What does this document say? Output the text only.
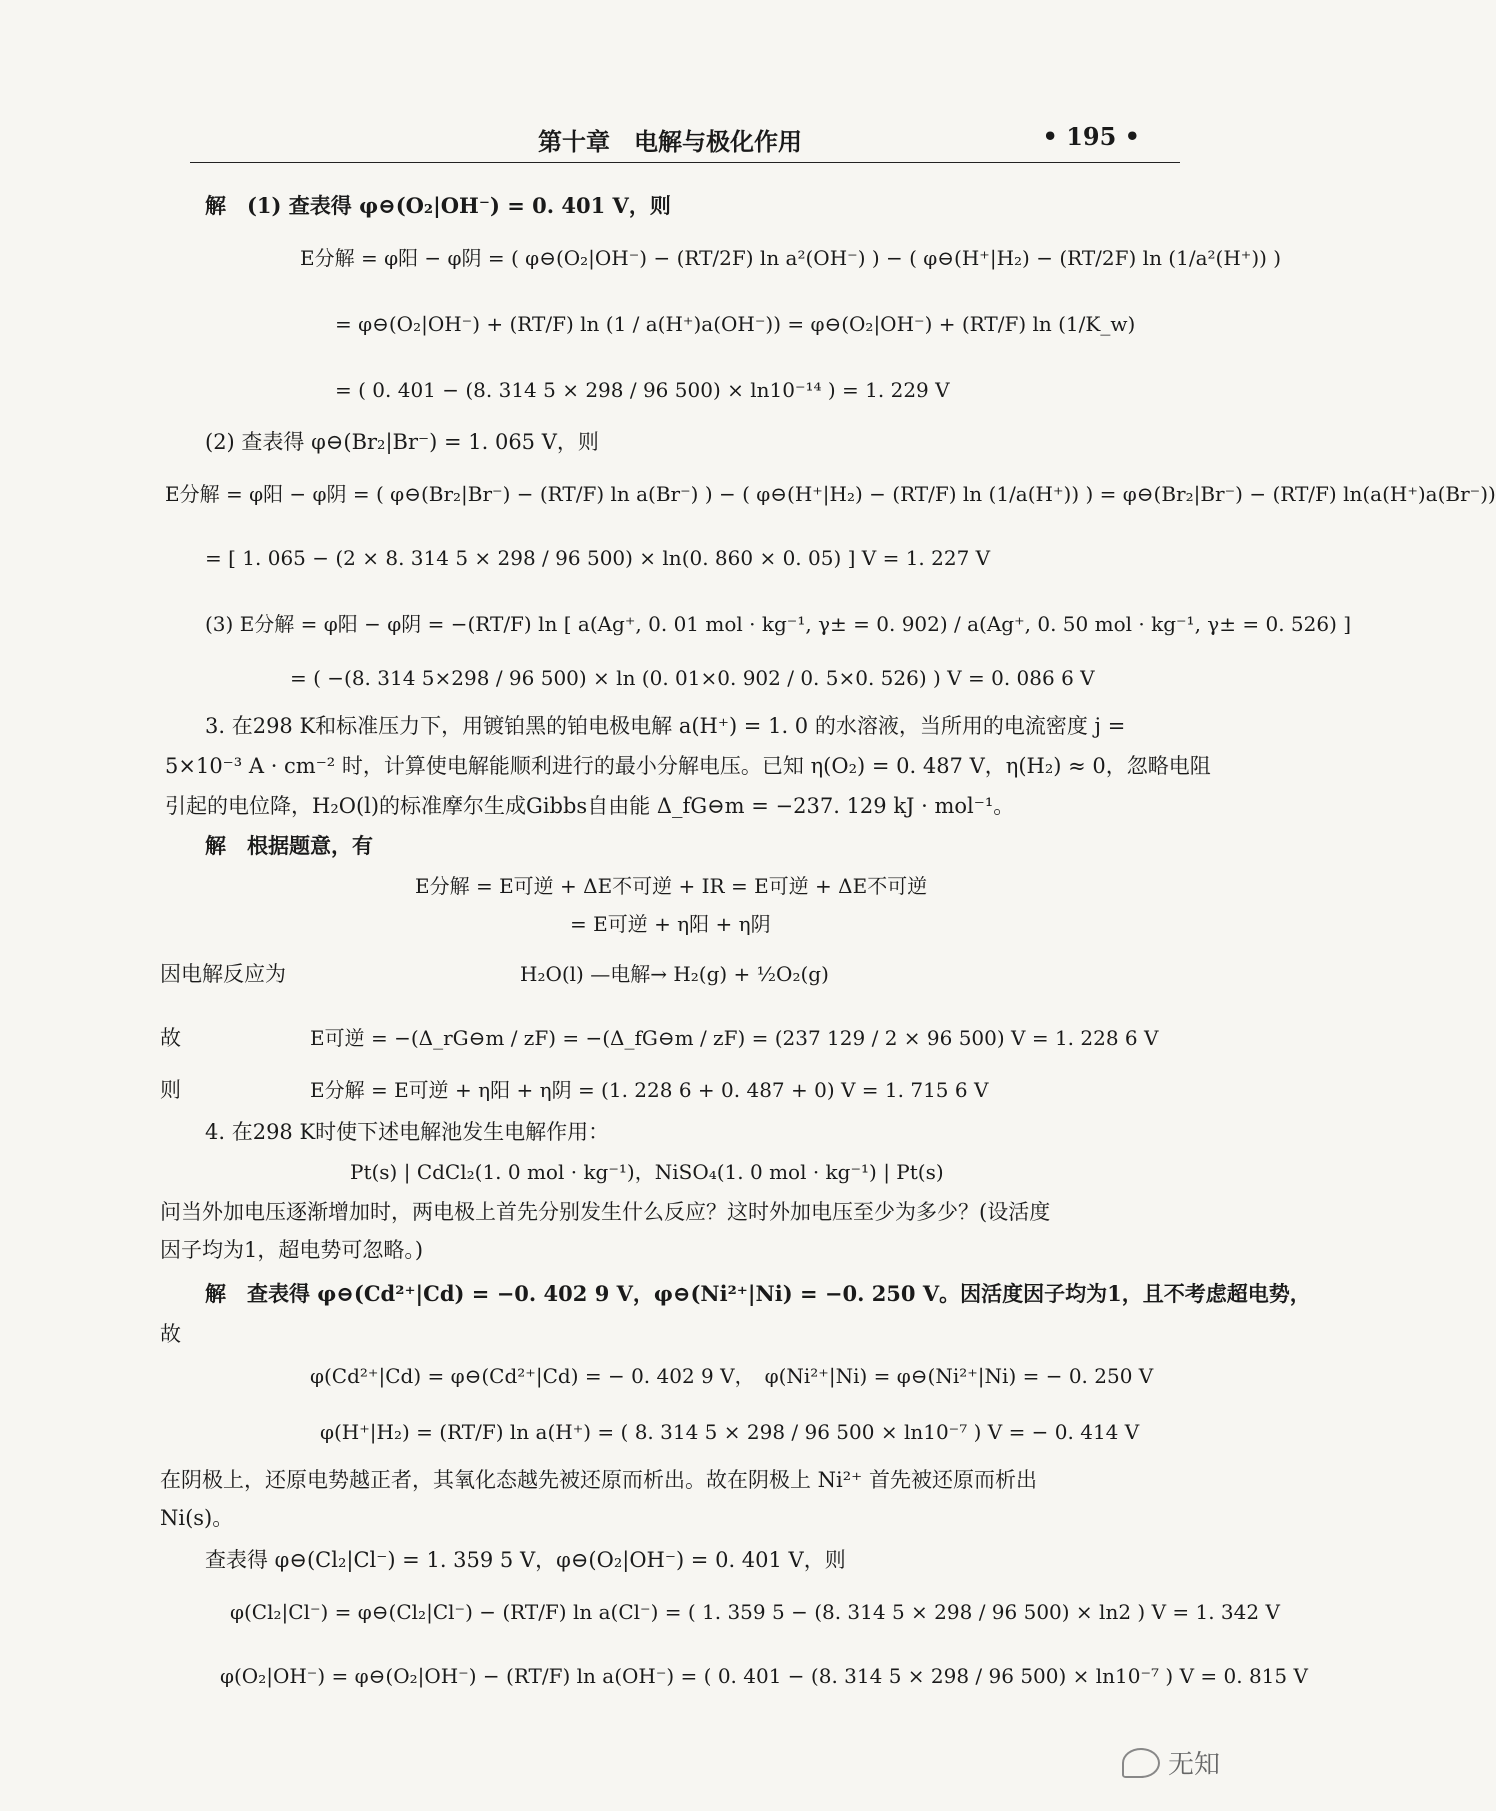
第十章　电解与极化作用	• 195 •
解　(1) 查表得 φ⊖(O₂|OH⁻) = 0. 401 V，则
E分解 = φ阳 − φ阴 = ( φ⊖(O₂|OH⁻) − (RT/2F) ln a²(OH⁻) ) − ( φ⊖(H⁺|H₂) − (RT/2F) ln (1/a²(H⁺)) )
= φ⊖(O₂|OH⁻) + (RT/F) ln (1 / a(H⁺)a(OH⁻)) = φ⊖(O₂|OH⁻) + (RT/F) ln (1/K_w)
= ( 0. 401 − (8. 314 5 × 298 / 96 500) × ln10⁻¹⁴ ) = 1. 229 V
(2) 查表得 φ⊖(Br₂|Br⁻) = 1. 065 V，则
E分解 = φ阳 − φ阴 = ( φ⊖(Br₂|Br⁻) − (RT/F) ln a(Br⁻) ) − ( φ⊖(H⁺|H₂) − (RT/F) ln (1/a(H⁺)) ) = φ⊖(Br₂|Br⁻) − (RT/F) ln(a(H⁺)a(Br⁻))
= [ 1. 065 − (2 × 8. 314 5 × 298 / 96 500) × ln(0. 860 × 0. 05) ] V = 1. 227 V
(3) E分解 = φ阳 − φ阴 = −(RT/F) ln [ a(Ag⁺, 0. 01 mol · kg⁻¹, γ± = 0. 902) / a(Ag⁺, 0. 50 mol · kg⁻¹, γ± = 0. 526) ]
= ( −(8. 314 5×298 / 96 500) × ln (0. 01×0. 902 / 0. 5×0. 526) ) V = 0. 086 6 V
3. 在298 K和标准压力下，用镀铂黑的铂电极电解 a(H⁺) = 1. 0 的水溶液，当所用的电流密度 j =
5×10⁻³ A · cm⁻² 时，计算使电解能顺利进行的最小分解电压。已知 η(O₂) = 0. 487 V，η(H₂) ≈ 0，忽略电阻
引起的电位降，H₂O(l)的标准摩尔生成Gibbs自由能 Δ_fG⊖m = −237. 129 kJ · mol⁻¹。
解　根据题意，有
E分解 = E可逆 + ΔE不可逆 + IR = E可逆 + ΔE不可逆
= E可逆 + η阳 + η阴
因电解反应为	H₂O(l) —电解→ H₂(g) + ½O₂(g)
故	E可逆 = −(Δ_rG⊖m / zF) = −(Δ_fG⊖m / zF) = (237 129 / 2 × 96 500) V = 1. 228 6 V
则	E分解 = E可逆 + η阳 + η阴 = (1. 228 6 + 0. 487 + 0) V = 1. 715 6 V
4. 在298 K时使下述电解池发生电解作用：
Pt(s) | CdCl₂(1. 0 mol · kg⁻¹)，NiSO₄(1. 0 mol · kg⁻¹) | Pt(s)
问当外加电压逐渐增加时，两电极上首先分别发生什么反应？这时外加电压至少为多少？(设活度
因子均为1，超电势可忽略。)
解　查表得 φ⊖(Cd²⁺|Cd) = −0. 402 9 V，φ⊖(Ni²⁺|Ni) = −0. 250 V。因活度因子均为1，且不考虑超电势，
故
φ(Cd²⁺|Cd) = φ⊖(Cd²⁺|Cd) = − 0. 402 9 V，　φ(Ni²⁺|Ni) = φ⊖(Ni²⁺|Ni) = − 0. 250 V
φ(H⁺|H₂) = (RT/F) ln a(H⁺) = ( 8. 314 5 × 298 / 96 500 × ln10⁻⁷ ) V = − 0. 414 V
在阴极上，还原电势越正者，其氧化态越先被还原而析出。故在阴极上 Ni²⁺ 首先被还原而析出
Ni(s)。
查表得 φ⊖(Cl₂|Cl⁻) = 1. 359 5 V，φ⊖(O₂|OH⁻) = 0. 401 V，则
φ(Cl₂|Cl⁻) = φ⊖(Cl₂|Cl⁻) − (RT/F) ln a(Cl⁻) = ( 1. 359 5 − (8. 314 5 × 298 / 96 500) × ln2 ) V = 1. 342 V
φ(O₂|OH⁻) = φ⊖(O₂|OH⁻) − (RT/F) ln a(OH⁻) = ( 0. 401 − (8. 314 5 × 298 / 96 500) × ln10⁻⁷ ) V = 0. 815 V
无知
